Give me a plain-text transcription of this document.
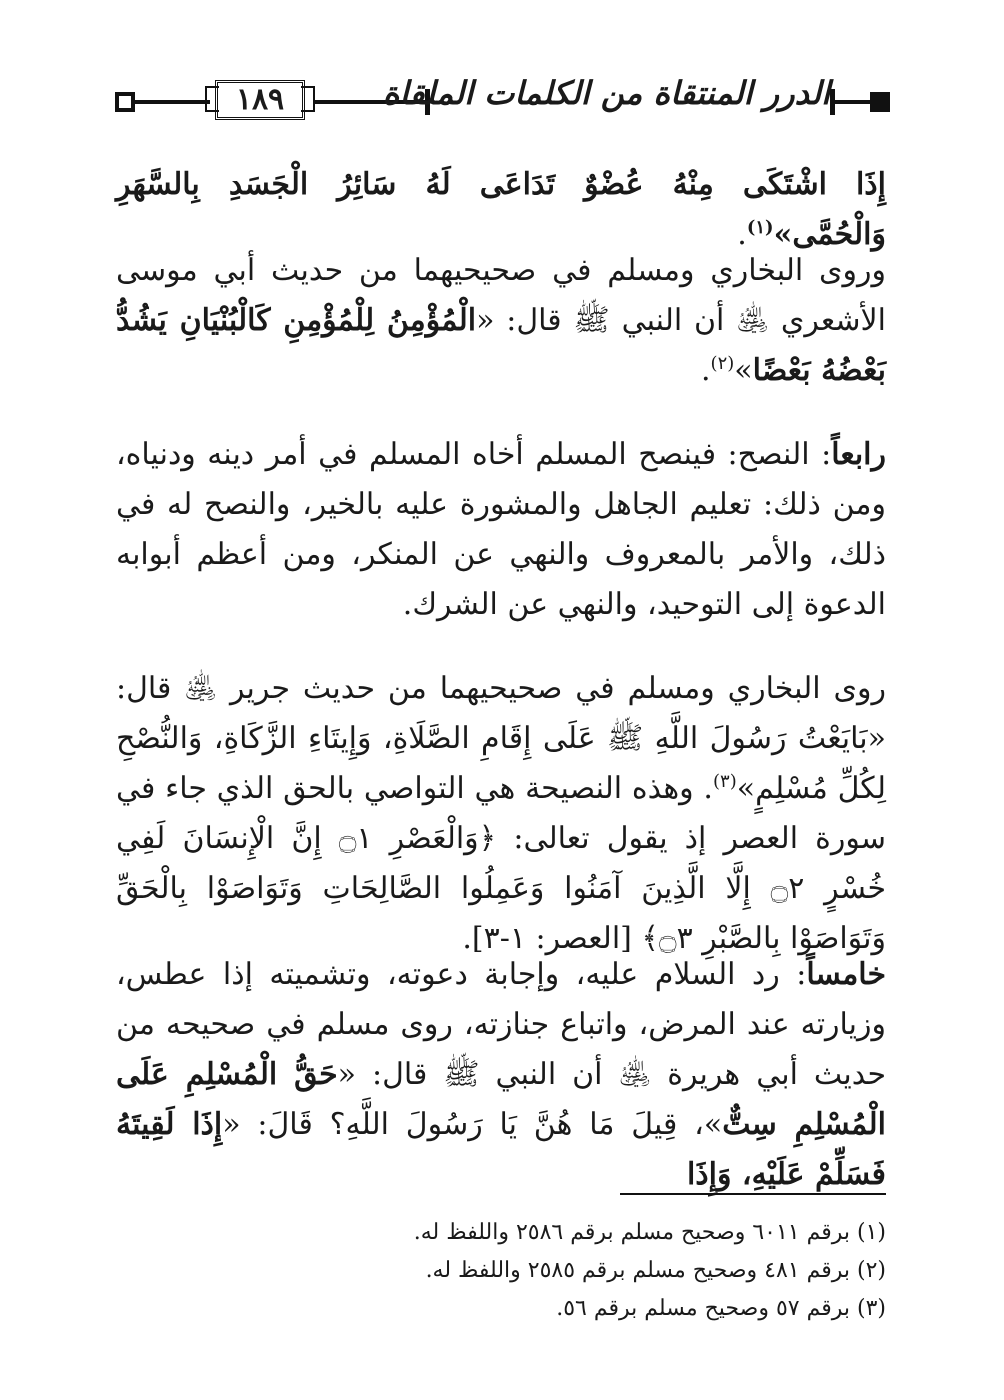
١٨٩	الدرر المنتقاة من الكلمات الملقاة
إِذَا اشْتَكَى مِنْهُ عُضْوٌ تَدَاعَى لَهُ سَائِرُ الْجَسَدِ بِالسَّهَرِ وَالْحُمَّى»$^{(١)}$.
وروى البخاري ومسلم في صحيحيهما من حديث أبي موسى الأشعري ﵁ أن النبي ﷺ قال: «الْمُؤْمِنُ لِلْمُؤْمِنِ كَالْبُنْيَانِ يَشُدُّ بَعْضُهُ بَعْضًا»$^{(٢)}$.
رابعاً: النصح: فينصح المسلم أخاه المسلم في أمر دينه ودنياه، ومن ذلك: تعليم الجاهل والمشورة عليه بالخير، والنصح له في ذلك، والأمر بالمعروف والنهي عن المنكر، ومن أعظم أبوابه الدعوة إلى التوحيد، والنهي عن الشرك.
روى البخاري ومسلم في صحيحيهما من حديث جرير ﵁ قال: «بَايَعْتُ رَسُولَ اللَّهِ ﷺ عَلَى إِقَامِ الصَّلَاةِ، وَإِيتَاءِ الزَّكَاةِ، وَالنُّصْحِ لِكُلِّ مُسْلِمٍ»$^{(٣)}$. وهذه النصيحة هي التواصي بالحق الذي جاء في سورة العصر إذ يقول تعالى: ﴿وَالْعَصْرِ ۝١ إِنَّ الْإِنسَانَ لَفِي خُسْرٍ ۝٢ إِلَّا الَّذِينَ آمَنُوا وَعَمِلُوا الصَّالِحَاتِ وَتَوَاصَوْا بِالْحَقِّ وَتَوَاصَوْا بِالصَّبْرِ ۝٣﴾ [العصر: ١-٣].
خامساً: رد السلام عليه، وإجابة دعوته، وتشميته إذا عطس، وزيارته عند المرض، واتباع جنازته، روى مسلم في صحيحه من حديث أبي هريرة ﵁ أن النبي ﷺ قال: «حَقُّ الْمُسْلِمِ عَلَى الْمُسْلِمِ سِتٌّ»، قِيلَ مَا هُنَّ يَا رَسُولَ اللَّهِ؟ قَالَ: «إِذَا لَقِيتَهُ فَسَلِّمْ عَلَيْهِ، وَإِذَا
(١) برقم ٦٠١١ وصحيح مسلم برقم ٢٥٨٦ واللفظ له.
(٢) برقم ٤٨١ وصحيح مسلم برقم ٢٥٨٥ واللفظ له.
(٣) برقم ٥٧ وصحيح مسلم برقم ٥٦.
